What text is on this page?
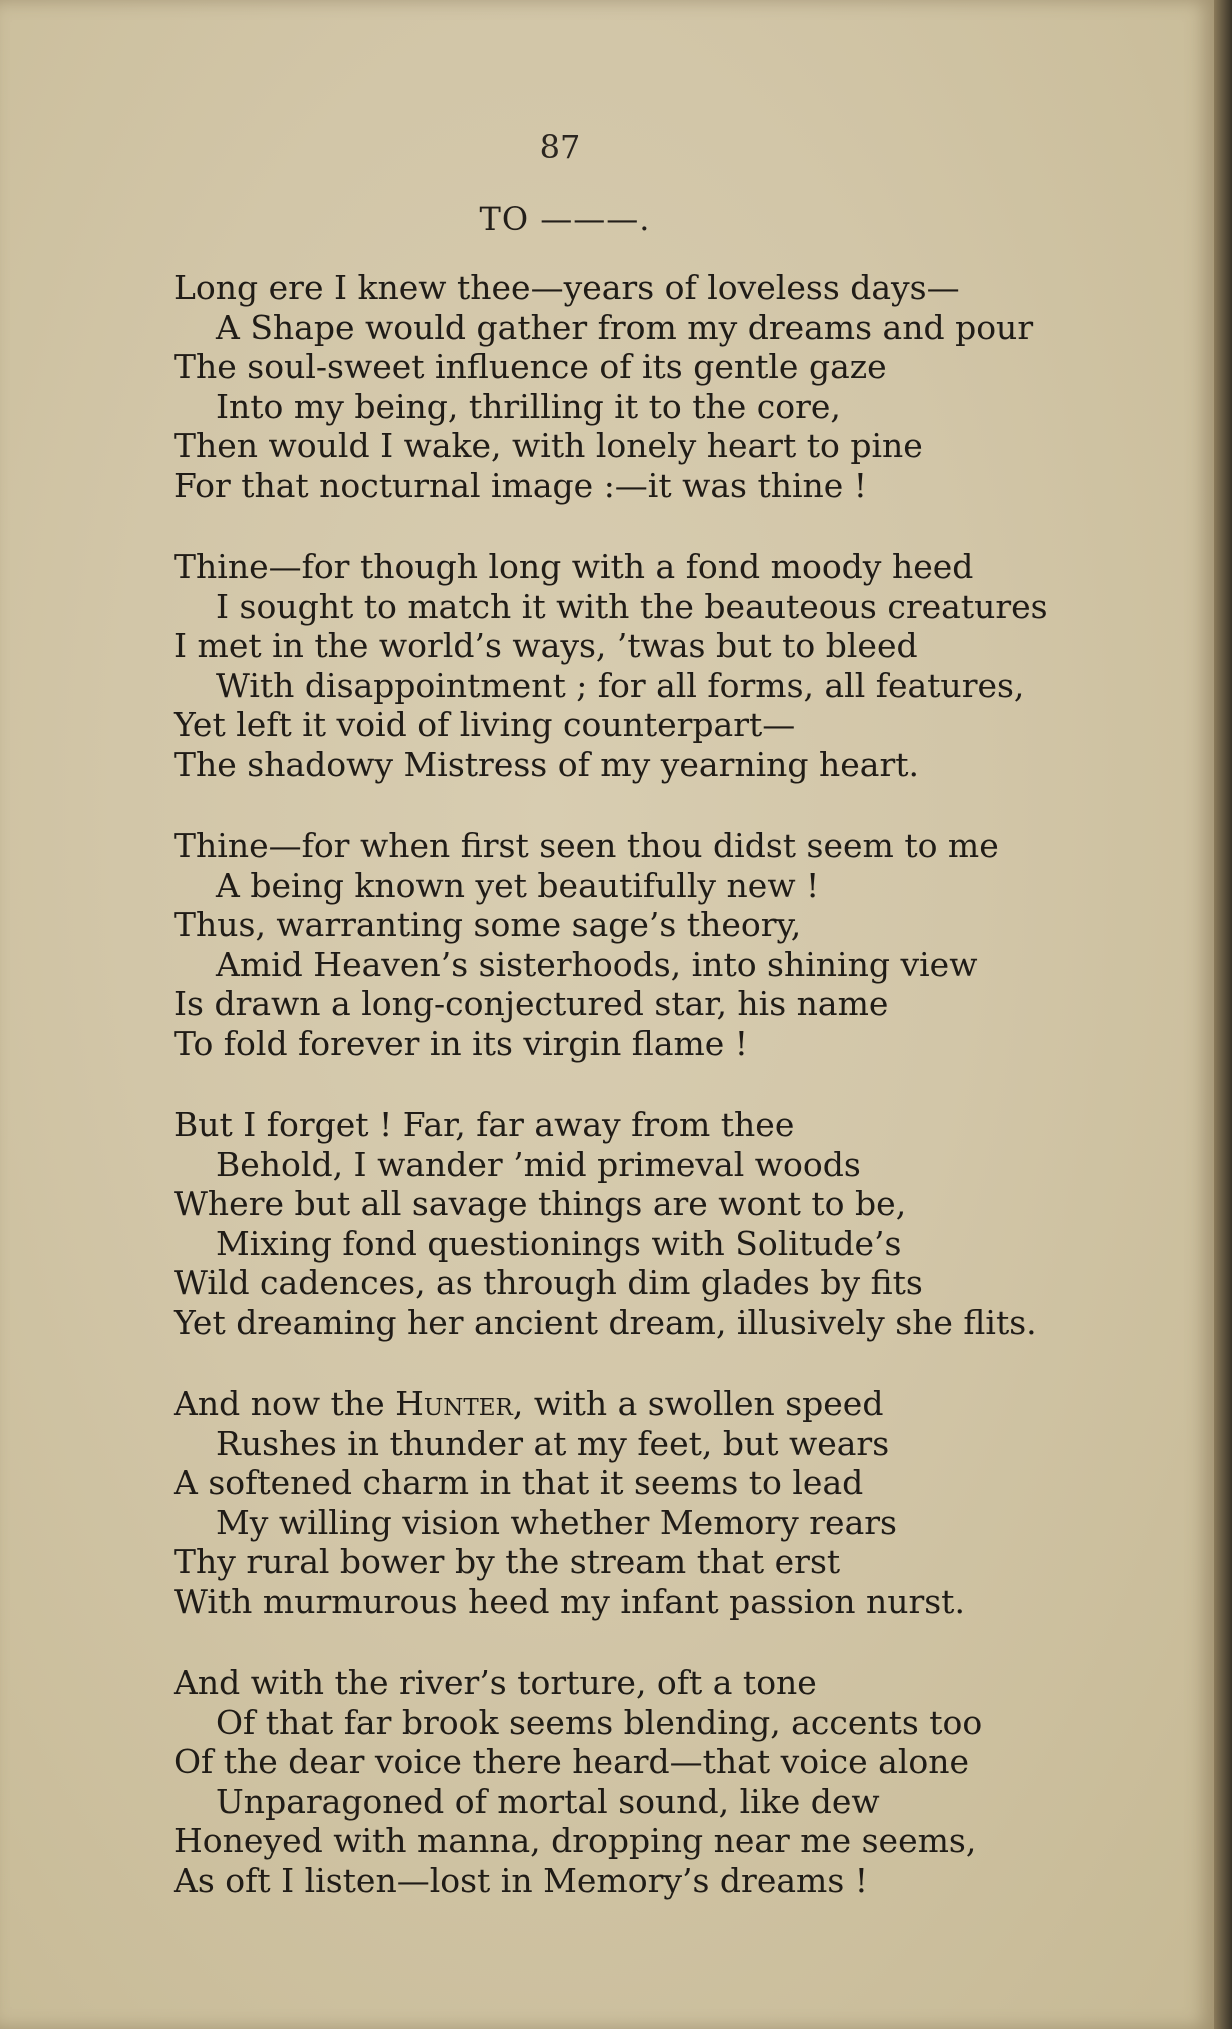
87
TO ———.
Long ere I knew thee—years of loveless days—
A Shape would gather from my dreams and pour
The soul-sweet influence of its gentle gaze
Into my being, thrilling it to the core,
Then would I wake, with lonely heart to pine
For that nocturnal image :—it was thine !
Thine—for though long with a fond moody heed
I sought to match it with the beauteous creatures
I met in the world’s ways, ’twas but to bleed
With disappointment ; for all forms, all features,
Yet left it void of living counterpart—
The shadowy Mistress of my yearning heart.
Thine—for when first seen thou didst seem to me
A being known yet beautifully new !
Thus, warranting some sage’s theory,
Amid Heaven’s sisterhoods, into shining view
Is drawn a long-conjectured star, his name
To fold forever in its virgin flame !
But I forget ! Far, far away from thee
Behold, I wander ’mid primeval woods
Where but all savage things are wont to be,
Mixing fond questionings with Solitude’s
Wild cadences, as through dim glades by fits
Yet dreaming her ancient dream, illusively she flits.
And now the Hunter, with a swollen speed
Rushes in thunder at my feet, but wears
A softened charm in that it seems to lead
My willing vision whether Memory rears
Thy rural bower by the stream that erst
With murmurous heed my infant passion nurst.
And with the river’s torture, oft a tone
Of that far brook seems blending, accents too
Of the dear voice there heard—that voice alone
Unparagoned of mortal sound, like dew
Honeyed with manna, dropping near me seems,
As oft I listen—lost in Memory’s dreams !
